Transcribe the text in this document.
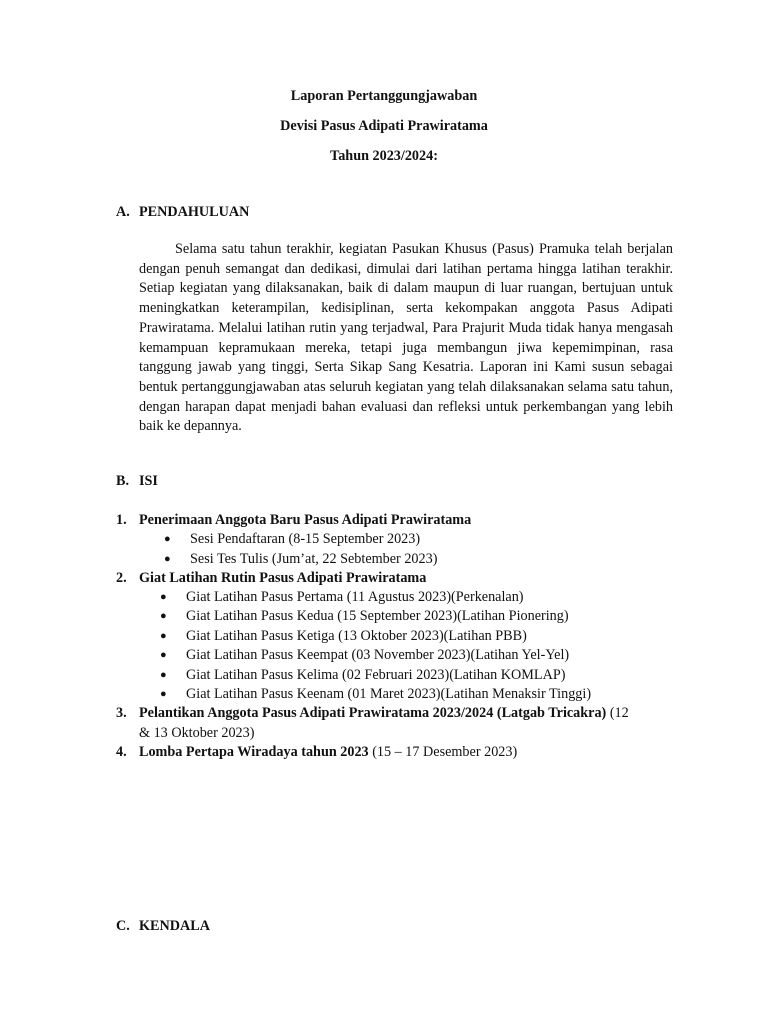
Laporan Pertanggungjawaban
Devisi Pasus Adipati Prawiratama
Tahun 2023/2024:
A. PENDAHULUAN

Selama satu tahun terakhir, kegiatan Pasukan Khusus (Pasus) Pramuka telah berjalan dengan penuh semangat dan dedikasi, dimulai dari latihan pertama hingga latihan terakhir. Setiap kegiatan yang dilaksanakan, baik di dalam maupun di luar ruangan, bertujuan untuk meningkatkan keterampilan, kedisiplinan, serta kekompakan anggota Pasus Adipati Prawiratama. Melalui latihan rutin yang terjadwal, Para Prajurit Muda tidak hanya mengasah kemampuan kepramukaan mereka, tetapi juga membangun jiwa kepemimpinan, rasa tanggung jawab yang tinggi, Serta Sikap Sang Kesatria. Laporan ini Kami susun sebagai bentuk pertanggungjawaban atas seluruh kegiatan yang telah dilaksanakan selama satu tahun, dengan harapan dapat menjadi bahan evaluasi dan refleksi untuk perkembangan yang lebih baik ke depannya.

B. ISI
1. Penerimaan Anggota Baru Pasus Adipati Prawiratama
● Sesi Pendaftaran (8-15 September 2023)
● Sesi Tes Tulis (Jum’at, 22 Sebtember 2023)
2. Giat Latihan Rutin Pasus Adipati Prawiratama
● Giat Latihan Pasus Pertama (11 Agustus 2023)(Perkenalan)
● Giat Latihan Pasus Kedua (15 September 2023)(Latihan Pionering)
● Giat Latihan Pasus Ketiga (13 Oktober 2023)(Latihan PBB)
● Giat Latihan Pasus Keempat (03 November 2023)(Latihan Yel-Yel)
● Giat Latihan Pasus Kelima (02 Februari 2023)(Latihan KOMLAP)
● Giat Latihan Pasus Keenam (01 Maret 2023)(Latihan Menaksir Tinggi)
3. Pelantikan Anggota Pasus Adipati Prawiratama 2023/2024 (Latgab Tricakra) (12
& 13 Oktober 2023)
4. Lomba Pertapa Wiradaya tahun 2023 (15 – 17 Desember 2023)
C. KENDALA
